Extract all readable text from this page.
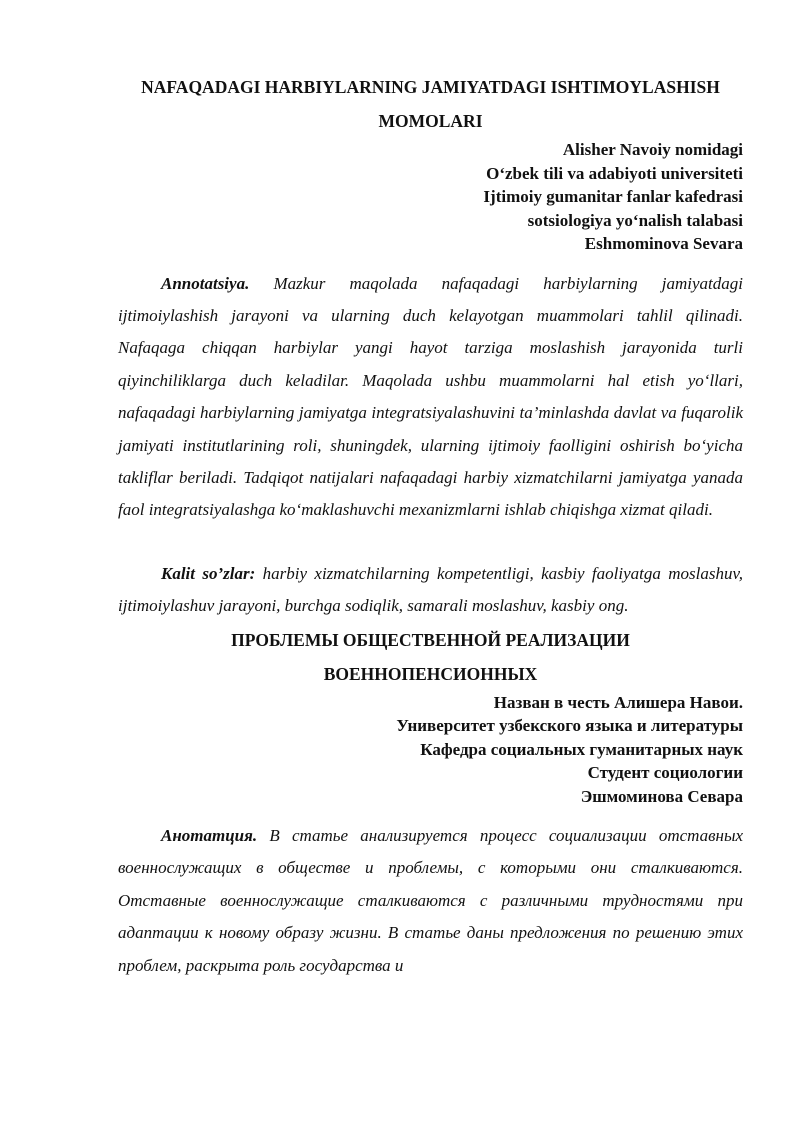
NAFAQADAGI HARBIYLARNING JAMIYATDAGI ISHTIMOYLASHISH
MOMOLARI

Alisher Navoiy nomidagi

O‘zbek tili va adabiyoti universiteti

Ijtimoiy gumanitar fanlar kafedrasi

sotsiologiya yo‘nalish talabasi

Eshmominova Sevara

Annotatsiya. Mazkur maqolada nafaqadagi harbiylarning jamiyatdagi ijtimoiylashish jarayoni va ularning duch kelayotgan muammolari tahlil qilinadi. Nafaqaga chiqqan harbiylar yangi hayot tarziga moslashish jarayonida turli qiyinchiliklarga duch keladilar. Maqolada ushbu muammolarni hal etish yo‘llari, nafaqadagi harbiylarning jamiyatga integratsiyalashuvini ta’minlashda davlat va fuqarolik jamiyati institutlarining roli, shuningdek, ularning ijtimoiy faolligini oshirish bo‘yicha takliflar beriladi. Tadqiqot natijalari nafaqadagi harbiy xizmatchilarni jamiyatga yanada faol integratsiyalashga ko‘maklashuvchi mexanizmlarni ishlab chiqishga xizmat qiladi.

Kalit so’zlar: harbiy xizmatchilarning kompetentligi, kasbiy faoliyatga moslashuv, ijtimoiylashuv jarayoni, burchga sodiqlik, samarali moslashuv, kasbiy ong.

ПРОБЛЕМЫ ОБЩЕСТВЕННОЙ РЕАЛИЗАЦИИ
ВОЕННОПЕНСИОННЫХ

Назван в честь Алишера Навои.

Университет узбекского языка и литературы

Кафедра социальных гуманитарных наук

Студент социологии

Эшмоминова Севара

Анотатция. В статье анализируется процесс социализации отставных военнослужащих в обществе и проблемы, с которыми они сталкиваются. Отставные военнослужащие сталкиваются с различными трудностями при адаптации к новому образу жизни. В статье даны предложения по решению этих проблем, раскрыта роль государства и
